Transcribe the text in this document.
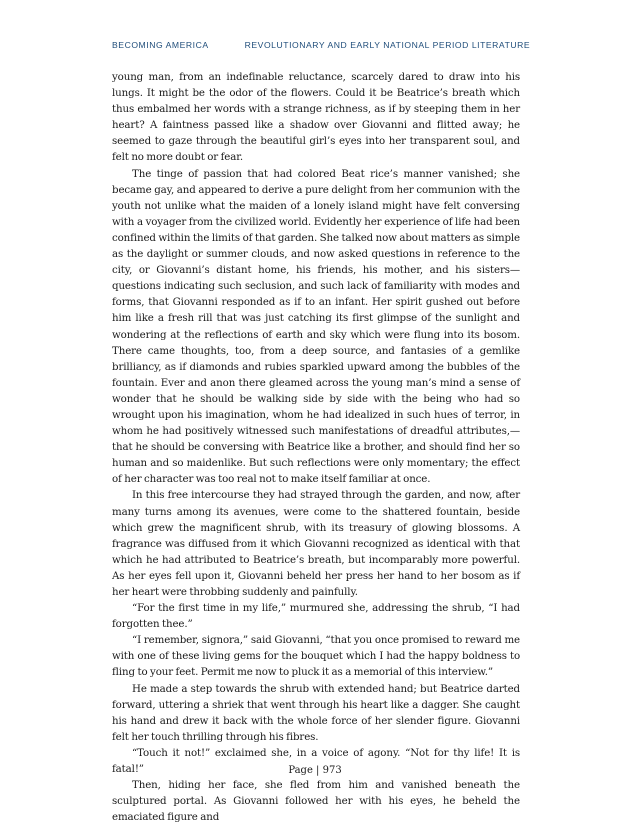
BECOMING AMERICA	REVOLUTIONARY AND EARLY NATIONAL PERIOD LITERATURE

young man, from an indefinable reluctance, scarcely dared to draw into his lungs. It might be the odor of the flowers. Could it be Beatrice’s breath which thus embalmed her words with a strange richness, as if by steeping them in her heart? A faintness passed like a shadow over Giovanni and flitted away; he seemed to gaze through the beautiful girl’s eyes into her transparent soul, and felt no more doubt or fear.

The tinge of passion that had colored Beat rice’s manner vanished; she became gay, and appeared to derive a pure delight from her communion with the youth not unlike what the maiden of a lonely island might have felt conversing with a voyager from the civilized world. Evidently her experience of life had been confined within the limits of that garden. She talked now about matters as simple as the daylight or summer clouds, and now asked questions in reference to the city, or Giovanni’s distant home, his friends, his mother, and his sisters—questions indicating such seclusion, and such lack of familiarity with modes and forms, that Giovanni responded as if to an infant. Her spirit gushed out before him like a fresh rill that was just catching its first glimpse of the sunlight and wondering at the reflections of earth and sky which were flung into its bosom. There came thoughts, too, from a deep source, and fantasies of a gemlike brilliancy, as if diamonds and rubies sparkled upward among the bubbles of the fountain. Ever and anon there gleamed across the young man’s mind a sense of wonder that he should be walking side by side with the being who had so wrought upon his imagination, whom he had idealized in such hues of terror, in whom he had positively witnessed such manifestations of dreadful attributes,—that he should be conversing with Beatrice like a brother, and should find her so human and so maidenlike. But such reflections were only momentary; the effect of her character was too real not to make itself familiar at once.

In this free intercourse they had strayed through the garden, and now, after many turns among its avenues, were come to the shattered fountain, beside which grew the magnificent shrub, with its treasury of glowing blossoms. A fragrance was diffused from it which Giovanni recognized as identical with that which he had attributed to Beatrice’s breath, but incomparably more powerful. As her eyes fell upon it, Giovanni beheld her press her hand to her bosom as if her heart were throbbing suddenly and painfully.

“For the first time in my life,” murmured she, addressing the shrub, “I had forgotten thee.”

“I remember, signora,” said Giovanni, “that you once promised to reward me with one of these living gems for the bouquet which I had the happy boldness to fling to your feet. Permit me now to pluck it as a memorial of this interview.”

He made a step towards the shrub with extended hand; but Beatrice darted forward, uttering a shriek that went through his heart like a dagger. She caught his hand and drew it back with the whole force of her slender figure. Giovanni felt her touch thrilling through his fibres.

“Touch it not!” exclaimed she, in a voice of agony. “Not for thy life! It is fatal!”

Then, hiding her face, she fled from him and vanished beneath the sculptured portal. As Giovanni followed her with his eyes, he beheld the emaciated figure and

Page | 973
